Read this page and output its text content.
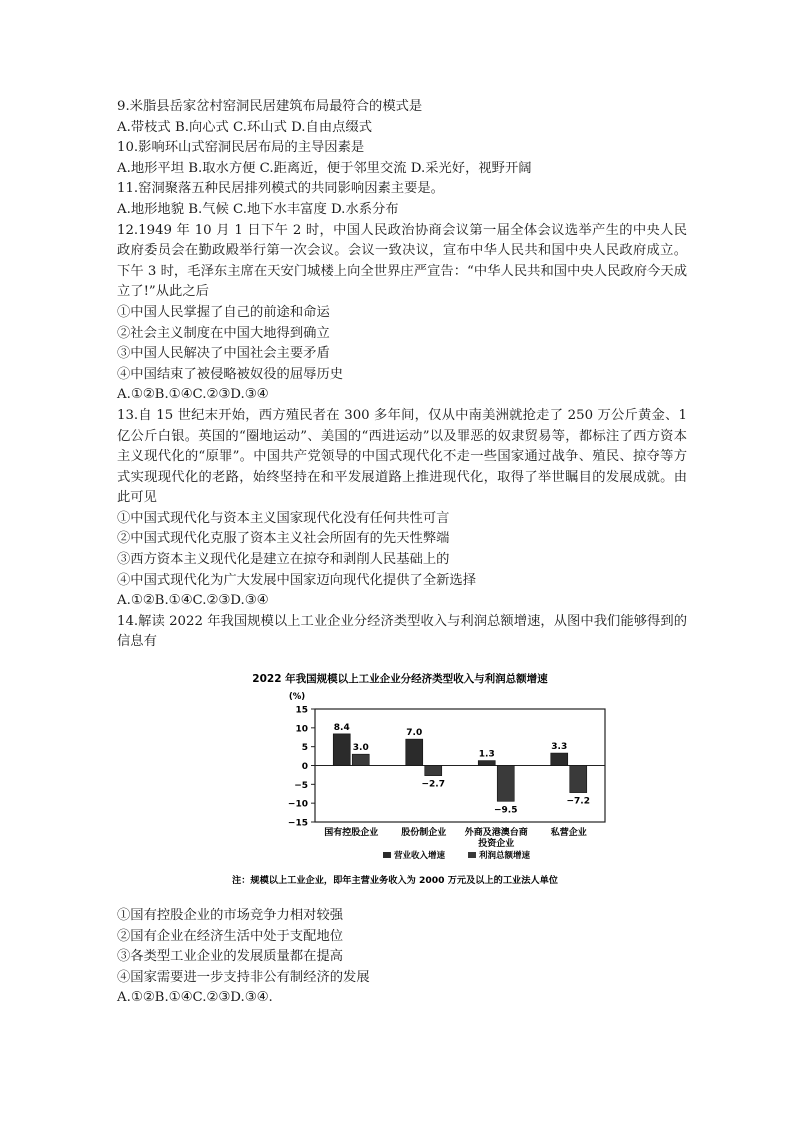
9.米脂县岳家岔村窑洞民居建筑布局最符合的模式是
A.带枝式 B.向心式 C.环山式 D.自由点缀式
10.影响环山式窑洞民居布局的主导因素是
A.地形平坦 B.取水方便 C.距离近，便于邻里交流 D.采光好，视野开阔
11.窑洞聚落五种民居排列模式的共同影响因素主要是。
A.地形地貌 B.气候 C.地下水丰富度 D.水系分布
12.1949 年 10 月 1 日下午 2 时，中国人民政治协商会议第一届全体会议选举产生的中央人民政府委员会在勤政殿举行第一次会议。会议一致决议，宣布中华人民共和国中央人民政府成立。下午 3 时，毛泽东主席在天安门城楼上向全世界庄严宣告：“中华人民共和国中央人民政府今天成立了!”从此之后
①中国人民掌握了自己的前途和命运
②社会主义制度在中国大地得到确立
③中国人民解决了中国社会主要矛盾
④中国结束了被侵略被奴役的屈辱历史
A.①②B.①④C.②③D.③④
13.自 15 世纪末开始，西方殖民者在 300 多年间，仅从中南美洲就抢走了 250 万公斤黄金、1 亿公斤白银。英国的“圈地运动”、美国的“西进运动”以及罪恶的奴隶贸易等，都标注了西方资本主义现代化的“原罪”。中国共产党领导的中国式现代化不走一些国家通过战争、殖民、掠夺等方式实现现代化的老路，始终坚持在和平发展道路上推进现代化，取得了举世瞩目的发展成就。由此可见
①中国式现代化与资本主义国家现代化没有任何共性可言
②中国式现代化克服了资本主义社会所固有的先天性弊端
③西方资本主义现代化是建立在掠夺和剥削人民基础上的
④中国式现代化为广大发展中国家迈向现代化提供了全新选择
A.①②B.①④C.②③D.③④
14.解读 2022 年我国规模以上工业企业分经济类型收入与利润总额增速，从图中我们能够得到的信息有
2022 年我国规模以上工业企业分经济类型收入与利润总额增速
(%)
15
10
5
0
−5
−10
−15
8.4
3.0
7.0
−2.7
1.3
−9.5
3.3
−7.2
国有控股企业	股份制企业 外商及港澳台商
投资企业
私营企业
营业收入增速	利润总额增速
注：规模以上工业企业，即年主营业务收入为 2000 万元及以上的工业法人单位
①国有控股企业的市场竞争力相对较强
②国有企业在经济生活中处于支配地位
③各类型工业企业的发展质量都在提高
④国家需要进一步支持非公有制经济的发展
A.①②B.①④C.②③D.③④.
